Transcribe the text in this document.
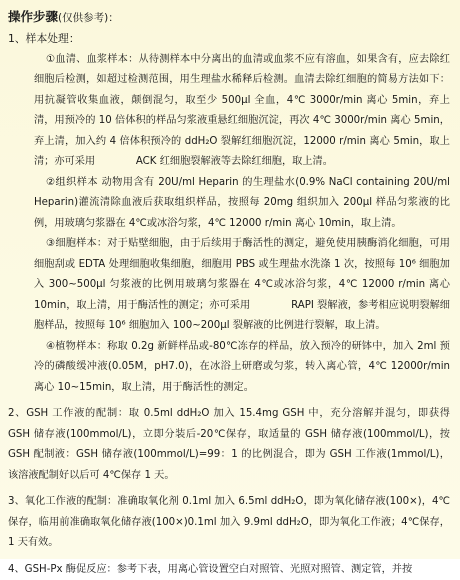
操作步骤(仅供参考)：
1、样本处理：

①血清、血浆样本：从待测样本中分离出的血清或血浆不应有溶血，如果含有，应去除红细胞后检测，如超过检测范围，用生理盐水稀释后检测。血清去除红细胞的简易方法如下：用抗凝管收集血液，颠倒混匀，取至少 500μl 全血，4℃ 3000r/min 离心 5min，弃上清，用预冷的 10 倍体积的样品匀浆液重悬红细胞沉淀，再次 4℃ 3000r/min 离心 5min，弃上清，加入约 4 倍体积预冷的 ddH₂O 裂解红细胞沉淀，12000 r/min 离心 5min，取上清；亦可采用　　　　ACK 红细胞裂解液等去除红细胞，取上清。

②组织样本 动物用含有 20U/ml Heparin 的生理盐水(0.9% NaCl containing 20U/ml Heparin)灌流清除血液后获取组织样品，按照每 20mg 组织加入 200μl 样品匀浆液的比例，用玻璃匀浆器在 4℃或冰浴匀浆，4℃ 12000 r/min 离心 10min，取上清。

③细胞样本：对于贴壁细胞，由于后续用于酶活性的测定，避免使用胰酶消化细胞，可用细胞刮或 EDTA 处理细胞收集细胞，细胞用 PBS 或生理盐水洗涤 1 次，按照每 10⁶ 细胞加入 300~500μl 匀浆液的比例用玻璃匀浆器在 4℃或冰浴匀浆，4℃ 12000 r/min 离心 10min，取上清，用于酶活性的测定；亦可采用　　　　RAPI 裂解液，参考相应说明裂解细胞样品，按照每 10⁶ 细胞加入 100~200μl 裂解液的比例进行裂解，取上清。

④植物样本：称取 0.2g 新鲜样品或-80℃冻存的样品，放入预冷的研钵中，加入 2ml 预冷的磷酸缓冲液(0.05M，pH7.0)，在冰浴上研磨或匀浆，转入离心管，4℃ 12000r/min 离心 10~15min，取上清，用于酶活性的测定。

2、GSH 工作液的配制：取 0.5ml ddH₂O 加入 15.4mg GSH 中，充分溶解并混匀，即获得 GSH 储存液(100mmol/L)，立即分装后-20℃保存，取适量的 GSH 储存液(100mmol/L)，按 GSH 配制液：GSH 储存液(100mmol/L)=99：1 的比例混合，即为 GSH 工作液(1mmol/L)，该溶液配制好以后可 4℃保存 1 天。

3、氧化工作液的配制：准确取氧化剂 0.1ml 加入 6.5ml ddH₂O，即为氧化储存液(100×)，4℃保存，临用前准确取氧化储存液(100×)0.1ml 加入 9.9ml ddH₂O，即为氧化工作液；4℃保存，1 天有效。

4、GSH-Px 酶促反应：参考下表，用离心管设置空白对照管、光照对照管、测定管，并按
